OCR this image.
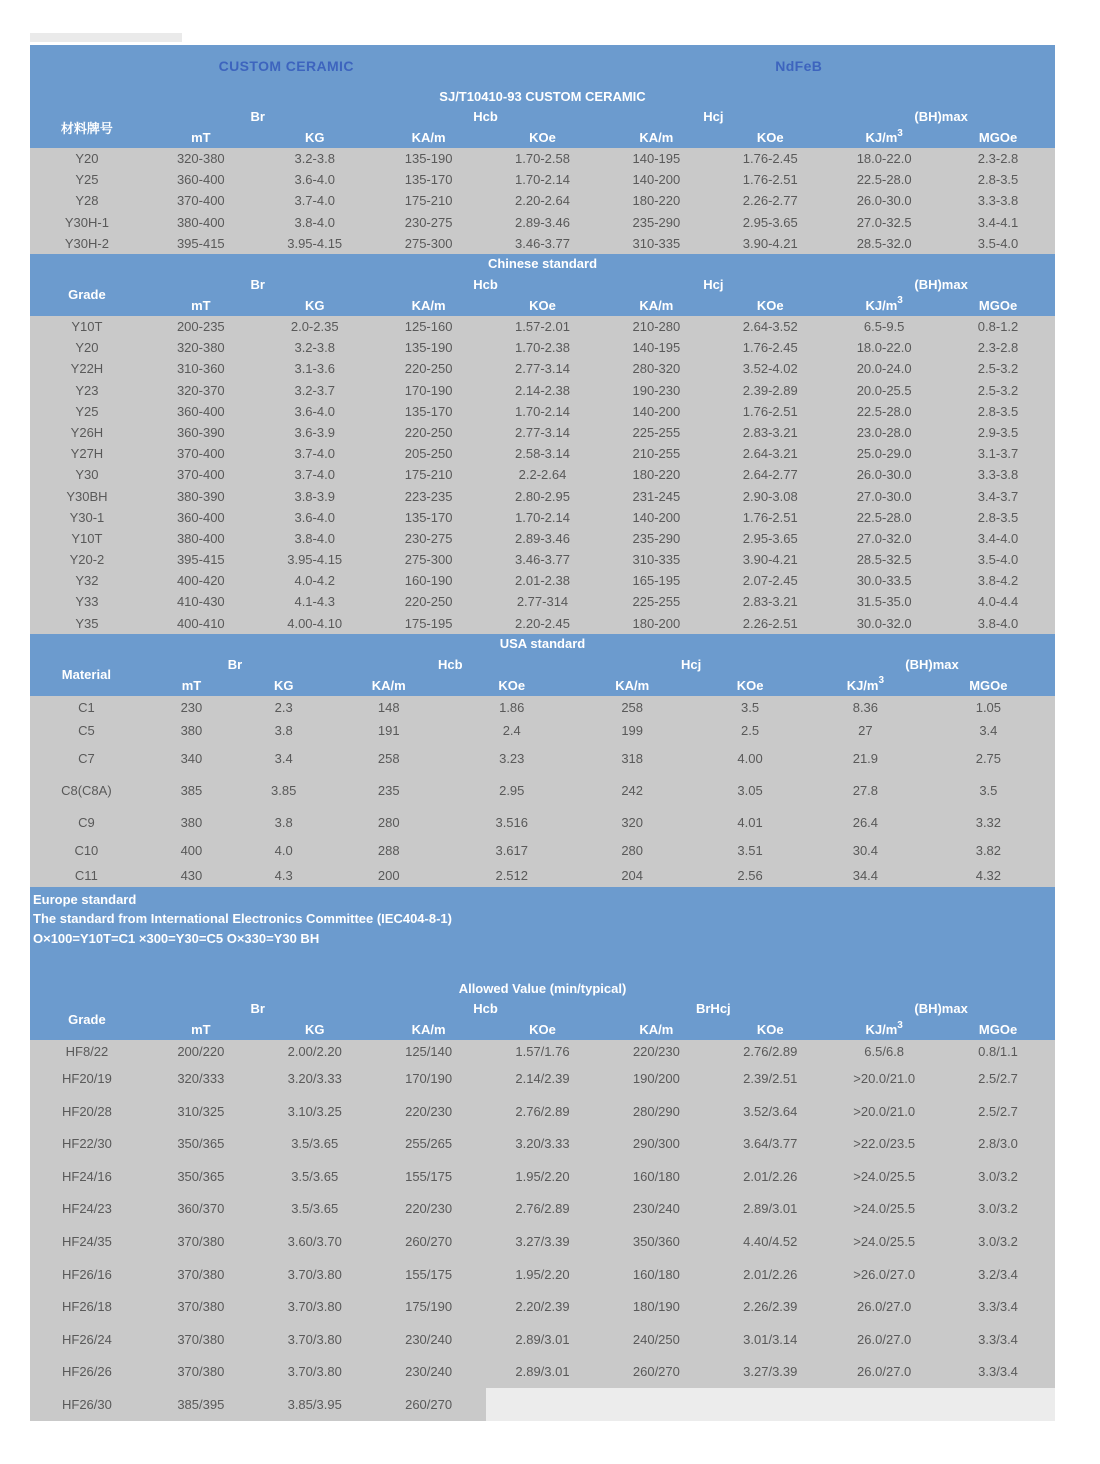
CUSTOM CERAMIC	NdFeB
SJ/T10410-93 CUSTOM CERAMIC
材料牌号
Br	Hcb	Hcj	(BH)max
mT	KG	KA/m	KOe	KA/m	KOe	$KJ/m^3$	MGOe
Y20	320-380	3.2-3.8	135-190	1.70-2.58	140-195	1.76-2.45	18.0-22.0	2.3-2.8
Y25	360-400	3.6-4.0	135-170	1.70-2.14	140-200	1.76-2.51	22.5-28.0	2.8-3.5
Y28	370-400	3.7-4.0	175-210	2.20-2.64	180-220	2.26-2.77	26.0-30.0	3.3-3.8
Y30H-1	380-400	3.8-4.0	230-275	2.89-3.46	235-290	2.95-3.65	27.0-32.5	3.4-4.1
Y30H-2	395-415	3.95-4.15	275-300	3.46-3.77	310-335	3.90-4.21	28.5-32.0	3.5-4.0
Chinese standard
Grade
Br	Hcb	Hcj	(BH)max
mT	KG	KA/m	KOe	KA/m	KOe	$KJ/m^3$	MGOe
Y10T	200-235	2.0-2.35	125-160	1.57-2.01	210-280	2.64-3.52	6.5-9.5	0.8-1.2
Y20	320-380	3.2-3.8	135-190	1.70-2.38	140-195	1.76-2.45	18.0-22.0	2.3-2.8
Y22H	310-360	3.1-3.6	220-250	2.77-3.14	280-320	3.52-4.02	20.0-24.0	2.5-3.2
Y23	320-370	3.2-3.7	170-190	2.14-2.38	190-230	2.39-2.89	20.0-25.5	2.5-3.2
Y25	360-400	3.6-4.0	135-170	1.70-2.14	140-200	1.76-2.51	22.5-28.0	2.8-3.5
Y26H	360-390	3.6-3.9	220-250	2.77-3.14	225-255	2.83-3.21	23.0-28.0	2.9-3.5
Y27H	370-400	3.7-4.0	205-250	2.58-3.14	210-255	2.64-3.21	25.0-29.0	3.1-3.7
Y30	370-400	3.7-4.0	175-210	2.2-2.64	180-220	2.64-2.77	26.0-30.0	3.3-3.8
Y30BH	380-390	3.8-3.9	223-235	2.80-2.95	231-245	2.90-3.08	27.0-30.0	3.4-3.7
Y30-1	360-400	3.6-4.0	135-170	1.70-2.14	140-200	1.76-2.51	22.5-28.0	2.8-3.5
Y10T	380-400	3.8-4.0	230-275	2.89-3.46	235-290	2.95-3.65	27.0-32.0	3.4-4.0
Y20-2	395-415	3.95-4.15	275-300	3.46-3.77	310-335	3.90-4.21	28.5-32.5	3.5-4.0
Y32	400-420	4.0-4.2	160-190	2.01-2.38	165-195	2.07-2.45	30.0-33.5	3.8-4.2
Y33	410-430	4.1-4.3	220-250	2.77-314	225-255	2.83-3.21	31.5-35.0	4.0-4.4
Y35	400-410	4.00-4.10	175-195	2.20-2.45	180-200	2.26-2.51	30.0-32.0	3.8-4.0
USA standard
Material
Br	Hcb	Hcj	(BH)max
mT	KG	KA/m	KOe	KA/m	KOe	$KJ/m^3$	MGOe
C1	230	2.3	148	1.86	258	3.5	8.36	1.05
C5	380	3.8	191	2.4	199	2.5	27	3.4
C7	340	3.4	258	3.23	318	4.00	21.9	2.75
C8(C8A)	385	3.85	235	2.95	242	3.05	27.8	3.5
C9	380	3.8	280	3.516	320	4.01	26.4	3.32
C10	400	4.0	288	3.617	280	3.51	30.4	3.82
C11	430	4.3	200	2.512	204	2.56	34.4	4.32
Europe standard
The standard from International Electronics Committee (IEC404-8-1)
O×100=Y10T=C1 ×300=Y30=C5 O×330=Y30 BH
Allowed Value (min/typical)
Grade
Br	Hcb	BrHcj	(BH)max
mT	KG	KA/m	KOe	KA/m	KOe	$KJ/m^3$	MGOe
HF8/22	200/220	2.00/2.20	125/140	1.57/1.76	220/230	2.76/2.89	6.5/6.8	0.8/1.1
HF20/19	320/333	3.20/3.33	170/190	2.14/2.39	190/200	2.39/2.51	>20.0/21.0	2.5/2.7
HF20/28	310/325	3.10/3.25	220/230	2.76/2.89	280/290	3.52/3.64	>20.0/21.0	2.5/2.7
HF22/30	350/365	3.5/3.65	255/265	3.20/3.33	290/300	3.64/3.77	>22.0/23.5	2.8/3.0
HF24/16	350/365	3.5/3.65	155/175	1.95/2.20	160/180	2.01/2.26	>24.0/25.5	3.0/3.2
HF24/23	360/370	3.5/3.65	220/230	2.76/2.89	230/240	2.89/3.01	>24.0/25.5	3.0/3.2
HF24/35	370/380	3.60/3.70	260/270	3.27/3.39	350/360	4.40/4.52	>24.0/25.5	3.0/3.2
HF26/16	370/380	3.70/3.80	155/175	1.95/2.20	160/180	2.01/2.26	>26.0/27.0	3.2/3.4
HF26/18	370/380	3.70/3.80	175/190	2.20/2.39	180/190	2.26/2.39	26.0/27.0	3.3/3.4
HF26/24	370/380	3.70/3.80	230/240	2.89/3.01	240/250	3.01/3.14	26.0/27.0	3.3/3.4
HF26/26	370/380	3.70/3.80	230/240	2.89/3.01	260/270	3.27/3.39	26.0/27.0	3.3/3.4
HF26/30	385/395	3.85/3.95	260/270
